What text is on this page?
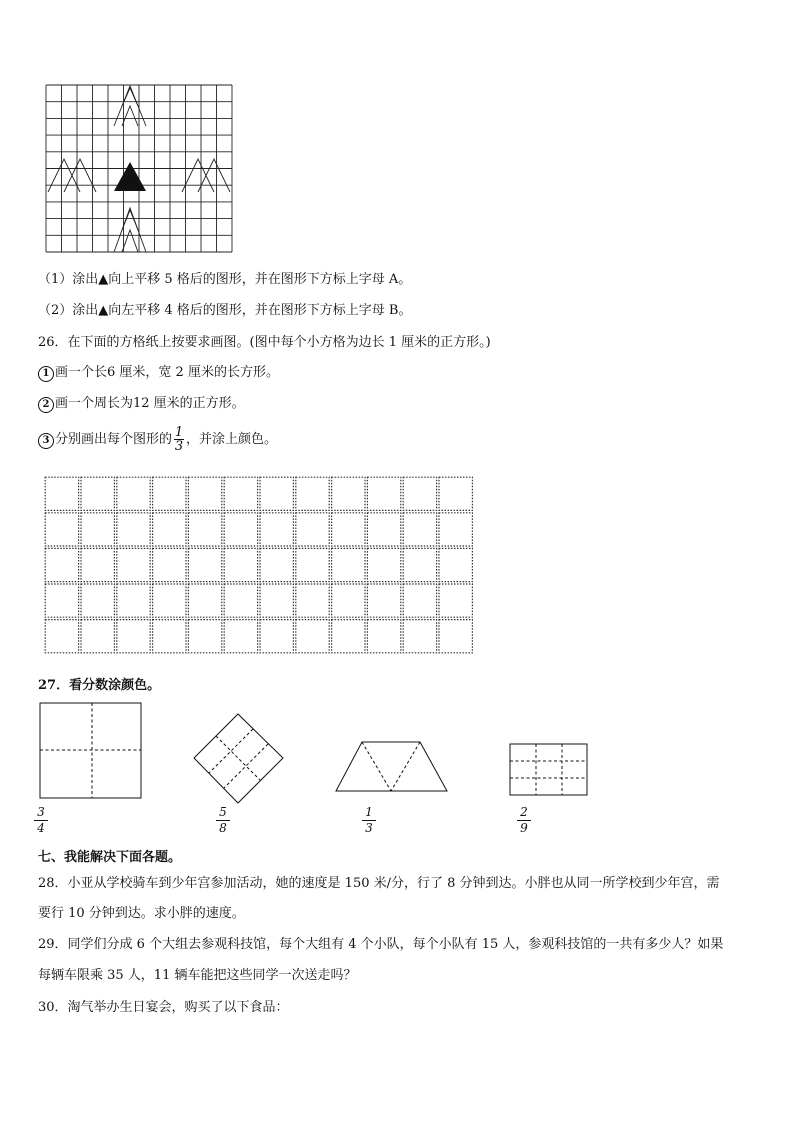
（1）涂出▲向上平移 5 格后的图形，并在图形下方标上字母 A。
（2）涂出▲向左平移 4 格后的图形，并在图形下方标上字母 B。
26．在下面的方格纸上按要求画图。(图中每个小方格为边长 1 厘米的正方形。)
1 画一个长6 厘米，宽 2 厘米的长方形。
2 画一个周长为12 厘米的正方形。
3 分别画出每个图形的 $\frac{1}{3}$ ，并涂上颜色。
27．看分数涂颜色。
3
4
5
8
1
3
2
9
七、我能解决下面各题。
28．小亚从学校骑车到少年宫参加活动，她的速度是 150 米/分，行了 8 分钟到达。小胖也从同一所学校到少年宫，需
要行 10 分钟到达。求小胖的速度。
29．同学们分成 6 个大组去参观科技馆，每个大组有 4 个小队，每个小队有 15 人，参观科技馆的一共有多少人？如果
每辆车限乘 35 人，11 辆车能把这些同学一次送走吗？
30．淘气举办生日宴会，购买了以下食品：
